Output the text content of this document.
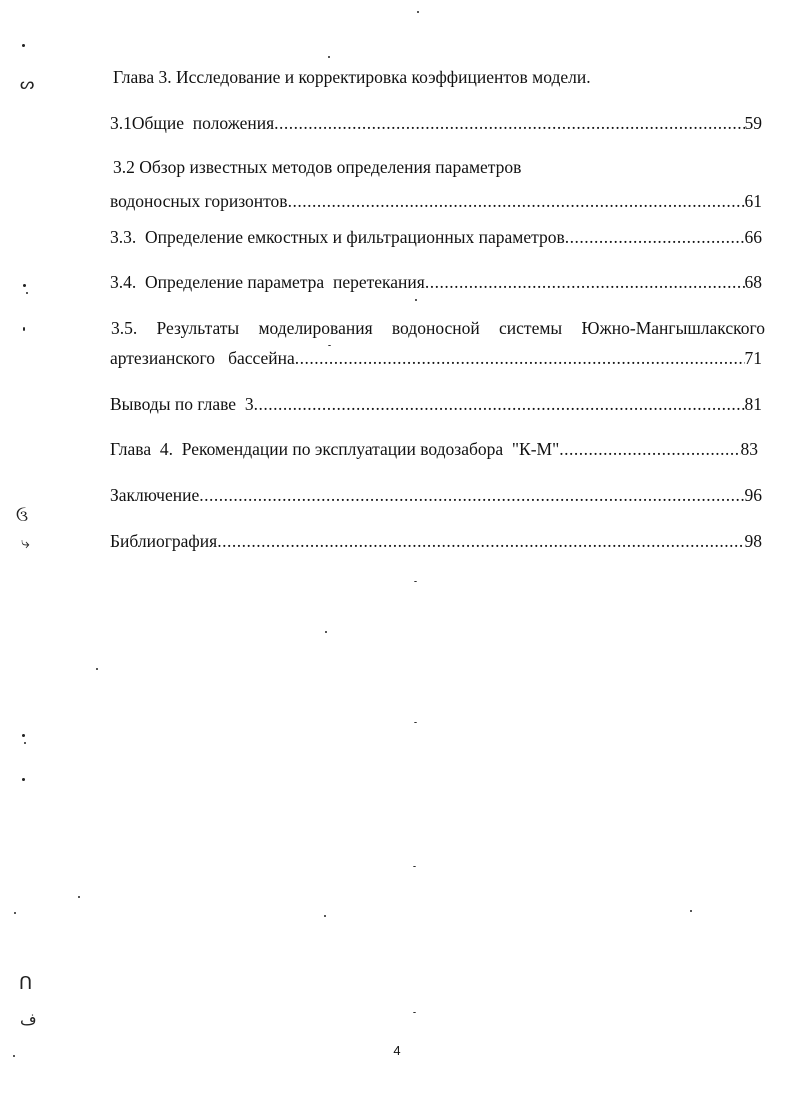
Глава 3. Исследование и корректировка коэффициентов модели.
3.1Общие  положения .....	59
3.2 Обзор известных методов определения параметров
водоносных горизонтов .....	61
3.3.  Определение емкостных и фильтрационных параметров .....	66
3.4.  Определение параметра  перетекания .....	68
3.5. Результаты моделирования водоносной системы Южно-Мангышлакского
артезианского   бассейна .....	71
Выводы по главе  3 .....	81
Глава  4.  Рекомендации по эксплуатации водозабора  "К-М" .....	83
Заключение .....	96
Библиография .....	98
4
ᔕ
ઉ
⤷
ᑎ
ف
